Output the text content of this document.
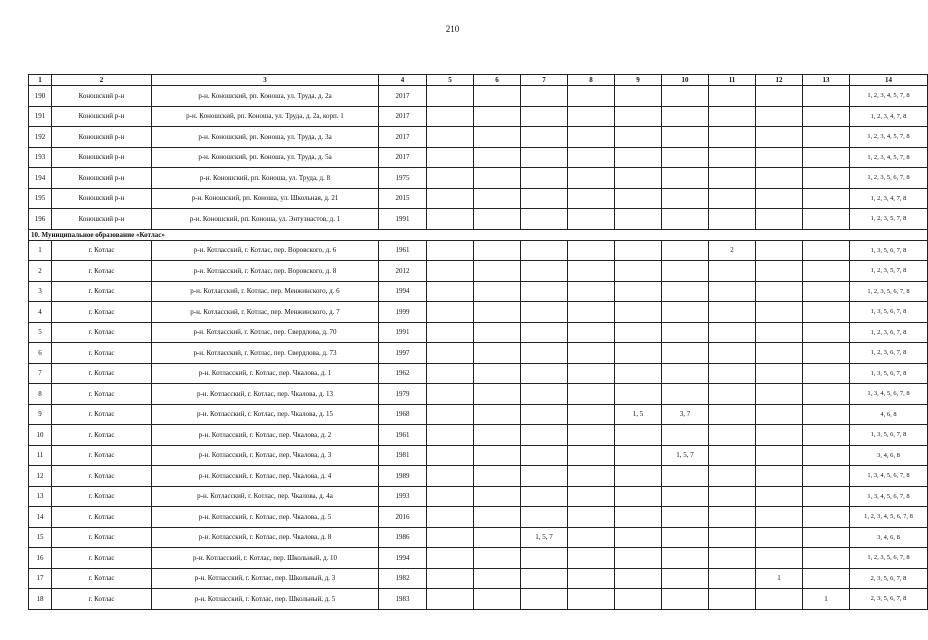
210
1	2	3	4	5	6	7	8	9	10	11	12	13	14
190	Коношский р-н	р-н. Коношский, рп. Коноша, ул. Труда, д. 2а	2017										1, 2, 3, 4, 5, 7, 8
191	Коношский р-н	р-н. Коношский, рп. Коноша, ул. Труда, д. 2а, корп. 1	2017										1, 2, 3, 4, 7, 8
192	Коношский р-н	р-н. Коношский, рп. Коноша, ул. Труда, д. 3а	2017										1, 2, 3, 4, 5, 7, 8
193	Коношский р-н	р-н. Коношский, рп. Коноша, ул. Труда, д. 5а	2017										1, 2, 3, 4, 5, 7, 8
194	Коношский р-н	р-н. Коношский, рп. Коноша, ул. Труда, д. 8	1975										1, 2, 3, 5, 6, 7, 8
195	Коношский р-н	р-н. Коношский, рп. Коноша, ул. Школьная, д. 21	2015										1, 2, 3, 4, 7, 8
196	Коношский р-н	р-н. Коношский, рп. Коноша, ул. Энтузиастов, д. 1	1991										1, 2, 3, 5, 7, 8
10. Муниципальное образование «Котлас»													
1	г. Котлас	р-н. Котласский, г. Котлас, пер. Воровского, д. 6	1961							2			1, 3, 5, 6, 7, 8
2	г. Котлас	р-н. Котласский, г. Котлас, пер. Воровского, д. 8	2012										1, 2, 3, 5, 7, 8
3	г. Котлас	р-н. Котласский, г. Котлас, пер. Менжинского, д. 6	1994										1, 2, 3, 5, 6, 7, 8
4	г. Котлас	р-н. Котласский, г. Котлас, пер. Менжинского, д. 7	1999										1, 3, 5, 6, 7, 8
5	г. Котлас	р-н. Котласский, г. Котлас, пер. Свердлова, д. 70	1991										1, 2, 3, 6, 7, 8
6	г. Котлас	р-н. Котласский, г. Котлас, пер. Свердлова, д. 73	1997										1, 2, 3, 6, 7, 8
7	г. Котлас	р-н. Котласский, г. Котлас, пер. Чкалова, д. 1	1962										1, 3, 5, 6, 7, 8
8	г. Котлас	р-н. Котласский, г. Котлас, пер. Чкалова, д. 13	1979										1, 3, 4, 5, 6, 7, 8
9	г. Котлас	р-н. Котласский, г. Котлас, пер. Чкалова, д. 15	1968					1, 5	3, 7				4, 6, 8
10	г. Котлас	р-н. Котласский, г. Котлас, пер. Чкалова, д. 2	1961										1, 3, 5, 6, 7, 8
11	г. Котлас	р-н. Котласский, г. Котлас, пер. Чкалова, д. 3	1981						1, 5, 7				3, 4, 6, 8
12	г. Котлас	р-н. Котласский, г. Котлас, пер. Чкалова, д. 4	1989										1, 3, 4, 5, 6, 7, 8
13	г. Котлас	р-н. Котласский, г. Котлас, пер. Чкалова, д. 4а	1993										1, 3, 4, 5, 6, 7, 8
14	г. Котлас	р-н. Котласский, г. Котлас, пер. Чкалова, д. 5	2016										1, 2, 3, 4, 5, 6, 7, 8
15	г. Котлас	р-н. Котласский, г. Котлас, пер. Чкалова, д. 8	1986			1, 5, 7							3, 4, 6, 8
16	г. Котлас	р-н. Котласский, г. Котлас, пер. Школьный, д. 10	1994										1, 2, 3, 5, 6, 7, 8
17	г. Котлас	р-н. Котласский, г. Котлас, пер. Школьный, д. 3	1982								1		2, 3, 5, 6, 7, 8
18	г. Котлас	р-н. Котласский, г. Котлас, пер. Школьный, д. 5	1983									1	2, 3, 5, 6, 7, 8
